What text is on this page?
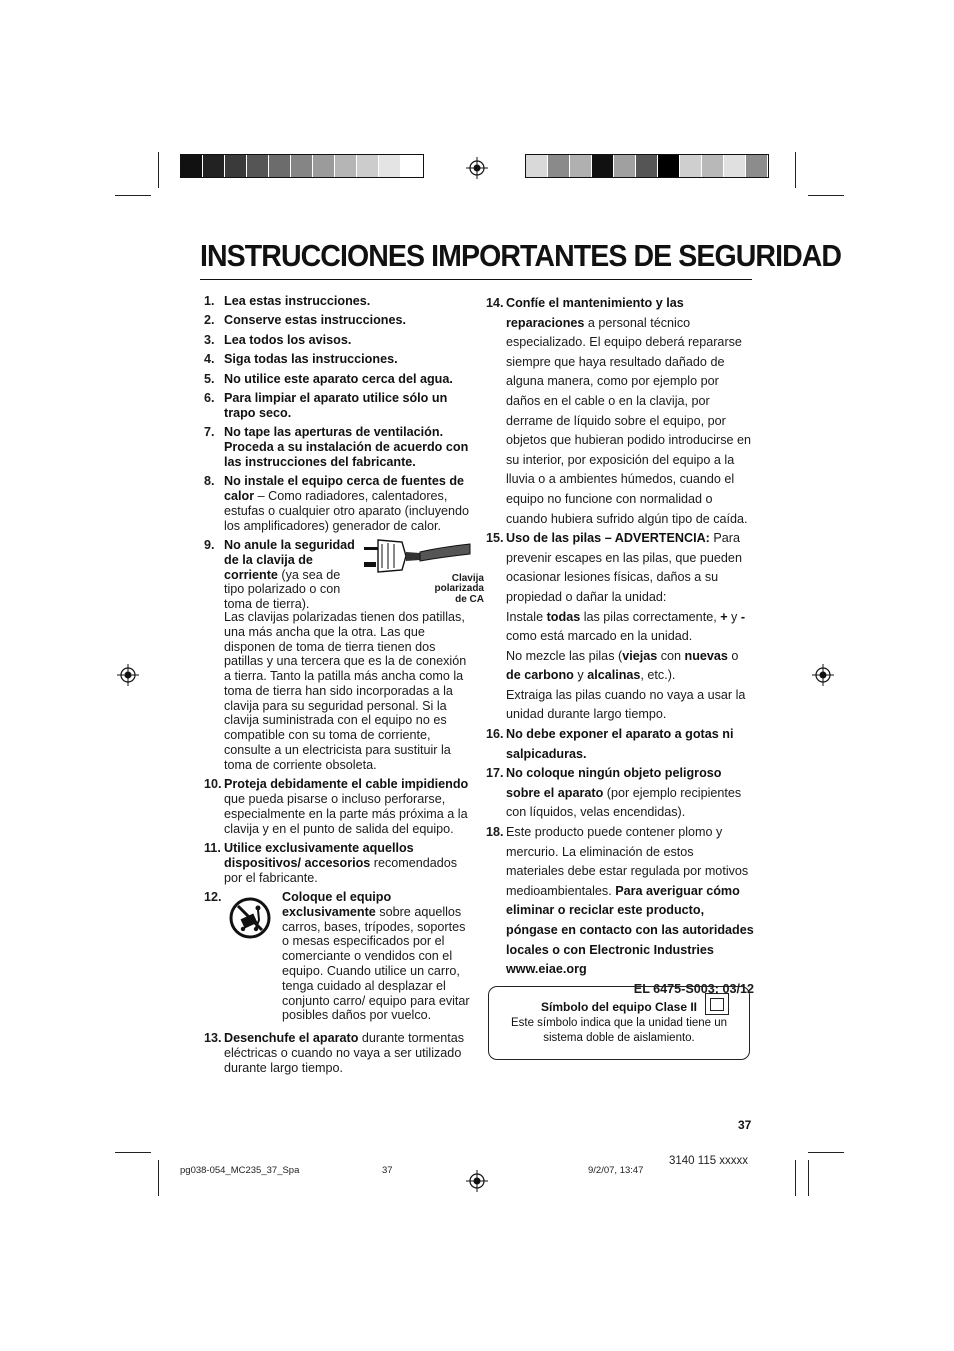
INSTRUCCIONES IMPORTANTES DE SEGURIDAD
1. Lea estas instrucciones.
2. Conserve estas instrucciones.
3. Lea todos los avisos.
4. Siga todas las instrucciones.
5. No utilice este aparato cerca del agua.
6. Para limpiar el aparato utilice sólo un trapo seco.
7. No tape las aperturas de ventilación. Proceda a su instalación de acuerdo con las instrucciones del fabricante.
8. No instale el equipo cerca de fuentes de calor – Como radiadores, calentadores, estufas o cualquier otro aparato (incluyendo los amplificadores) generador de calor.
9. No anule la seguridad de la clavija de corriente (ya sea de tipo polarizado o con toma de tierra).
Clavija
polarizada
de CA
Las clavijas polarizadas tienen dos patillas, una más ancha que la otra. Las que disponen de toma de tierra tienen dos patillas y una tercera que es la de conexión a tierra. Tanto la patilla más ancha como la toma de tierra han sido incorporadas a la clavija para su seguridad personal. Si la clavija suministrada con el equipo no es compatible con su toma de corriente, consulte a un electricista para sustituir la toma de corriente obsoleta.
10. Proteja debidamente el cable impidiendo que pueda pisarse o incluso perforarse, especialmente en la parte más próxima a la clavija y en el punto de salida del equipo.
11. Utilice exclusivamente aquellos dispositivos/ accesorios recomendados por el fabricante.
12.	Coloque el equipo exclusivamente sobre aquellos carros, bases, trípodes, soportes o mesas especificados por el comerciante o vendidos con el equipo. Cuando utilice un carro, tenga cuidado al desplazar el conjunto carro/ equipo para evitar posibles daños por vuelco.
13. Desenchufe el aparato durante tormentas eléctricas o cuando no vaya a ser utilizado durante largo tiempo.
14. Confíe el mantenimiento y las reparaciones a personal técnico especializado. El equipo deberá repararse siempre que haya resultado dañado de alguna manera, como por ejemplo por daños en el cable o en la clavija, por derrame de líquido sobre el equipo, por objetos que hubieran podido introducirse en su interior, por exposición del equipo a la lluvia o a ambientes húmedos, cuando el equipo no funcione con normalidad o cuando hubiera sufrido algún tipo de caída.
15. Uso de las pilas – ADVERTENCIA: Para prevenir escapes en las pilas, que pueden ocasionar lesiones físicas, daños a su propiedad o dañar la unidad:
Instale todas las pilas correctamente, + y - como está marcado en la unidad.
No mezcle las pilas (viejas con nuevas o de carbono y alcalinas, etc.).
Extraiga las pilas cuando no vaya a usar la unidad durante largo tiempo.
16. No debe exponer el aparato a gotas ni salpicaduras.
17. No coloque ningún objeto peligroso sobre el aparato (por ejemplo recipientes con líquidos, velas encendidas).
18. Este producto puede contener plomo y mercurio. La eliminación de estos materiales debe estar regulada por motivos medioambientales. Para averiguar cómo eliminar o reciclar este producto, póngase en contacto con las autoridades locales o con Electronic Industries www.eiae.org
EL 6475-S003: 03/12
Símbolo del equipo Clase II
Este símbolo indica que la unidad tiene un sistema doble de aislamiento.
37
pg038-054_MC235_37_Spa	37	9/2/07, 13:47
3140 115 xxxxx
